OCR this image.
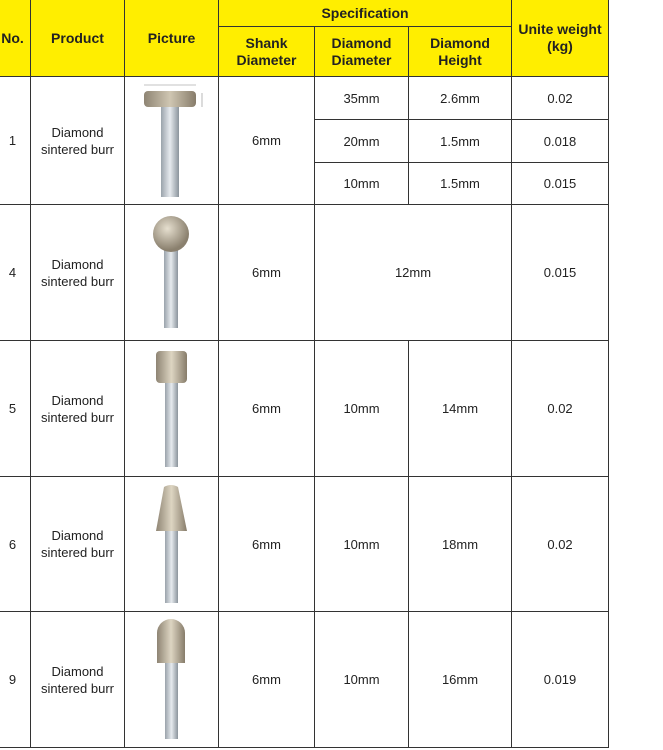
No.	Product	Picture	Specification			Unite weight (kg)
			Shank Diameter	Diamond Diameter	Diamond Height	
1	Diamond sintered burr		6mm	35mm	2.6mm	0.02
				20mm	1.5mm	0.018
				10mm	1.5mm	0.015
4	Diamond sintered burr		6mm	12mm		0.015
5	Diamond sintered burr		6mm	10mm	14mm	0.02
6	Diamond sintered burr		6mm	10mm	18mm	0.02
9	Diamond sintered burr		6mm	10mm	16mm	0.019
